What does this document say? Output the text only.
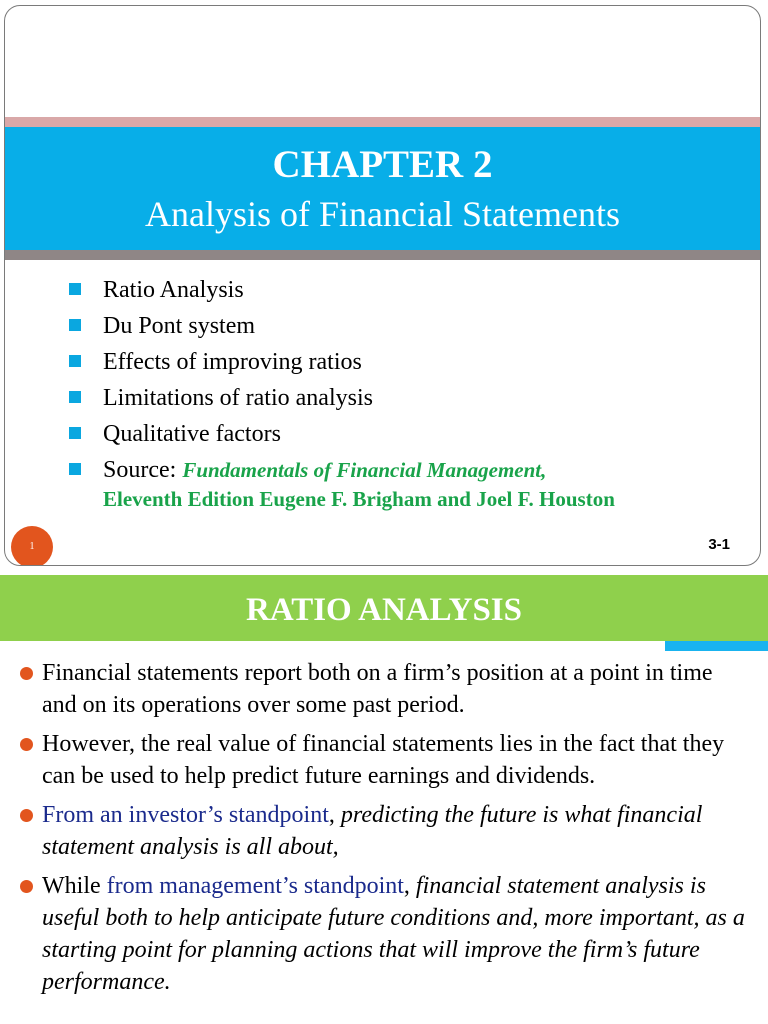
CHAPTER 2
Analysis of Financial Statements
Ratio Analysis
Du Pont system
Effects of improving ratios
Limitations of ratio analysis
Qualitative factors
Source: Fundamentals of Financial Management,
Eleventh Edition Eugene F. Brigham and Joel F. Houston
1	3-1
RATIO ANALYSIS
Financial statements report both on a firm’s position at a point in time and on its operations over some past period.
However, the real value of financial statements lies in the fact that they can be used to help predict future earnings and dividends.
From an investor’s standpoint, predicting the future is what financial statement analysis is all about,
While from management’s standpoint, financial statement analysis is useful both to help anticipate future conditions and, more important, as a starting point for planning actions that will improve the firm’s future performance.
